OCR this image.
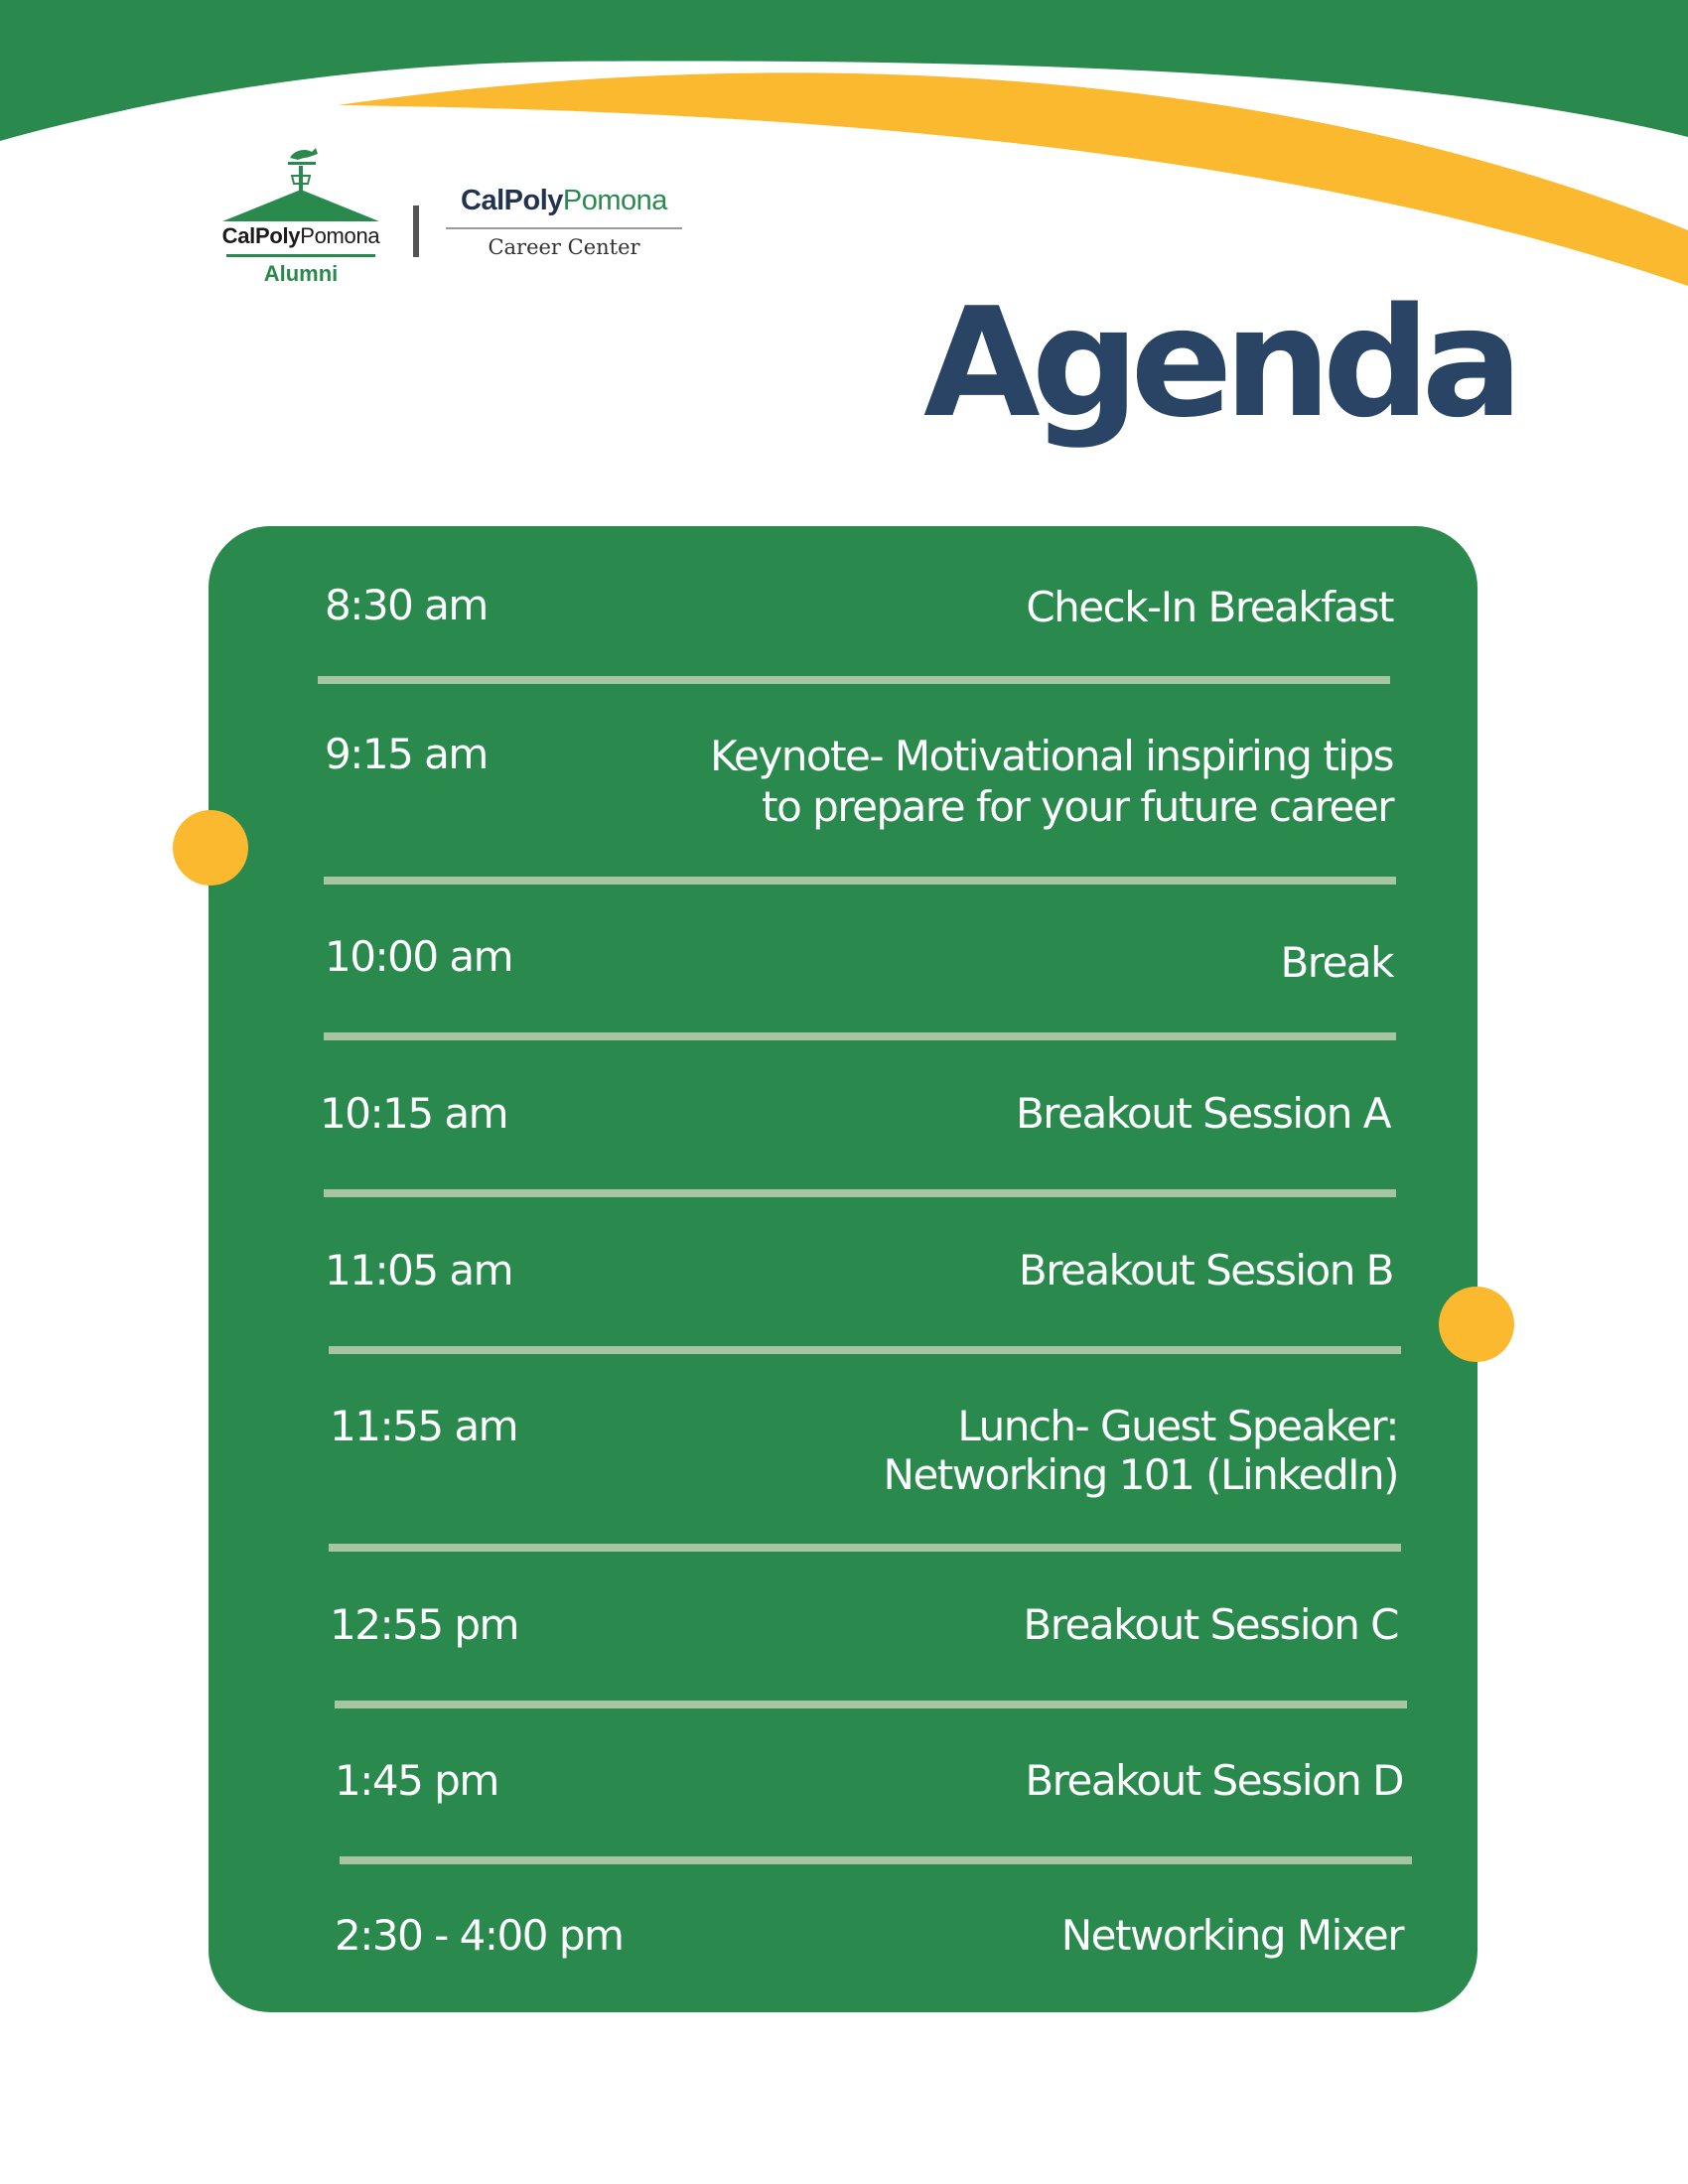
CalPolyPomona
Alumni
CalPolyPomona
Career Center
Agenda
8:30 am	Check-In Breakfast
9:15 am	Keynote- Motivational inspiring tips
to prepare for your future career
10:00 am	Break
10:15 am	Breakout Session A
11:05 am	Breakout Session B
11:55 am	Lunch- Guest Speaker:
Networking 101 (LinkedIn)
12:55 pm	Breakout Session C
1:45 pm	Breakout Session D
2:30 - 4:00 pm	Networking Mixer
